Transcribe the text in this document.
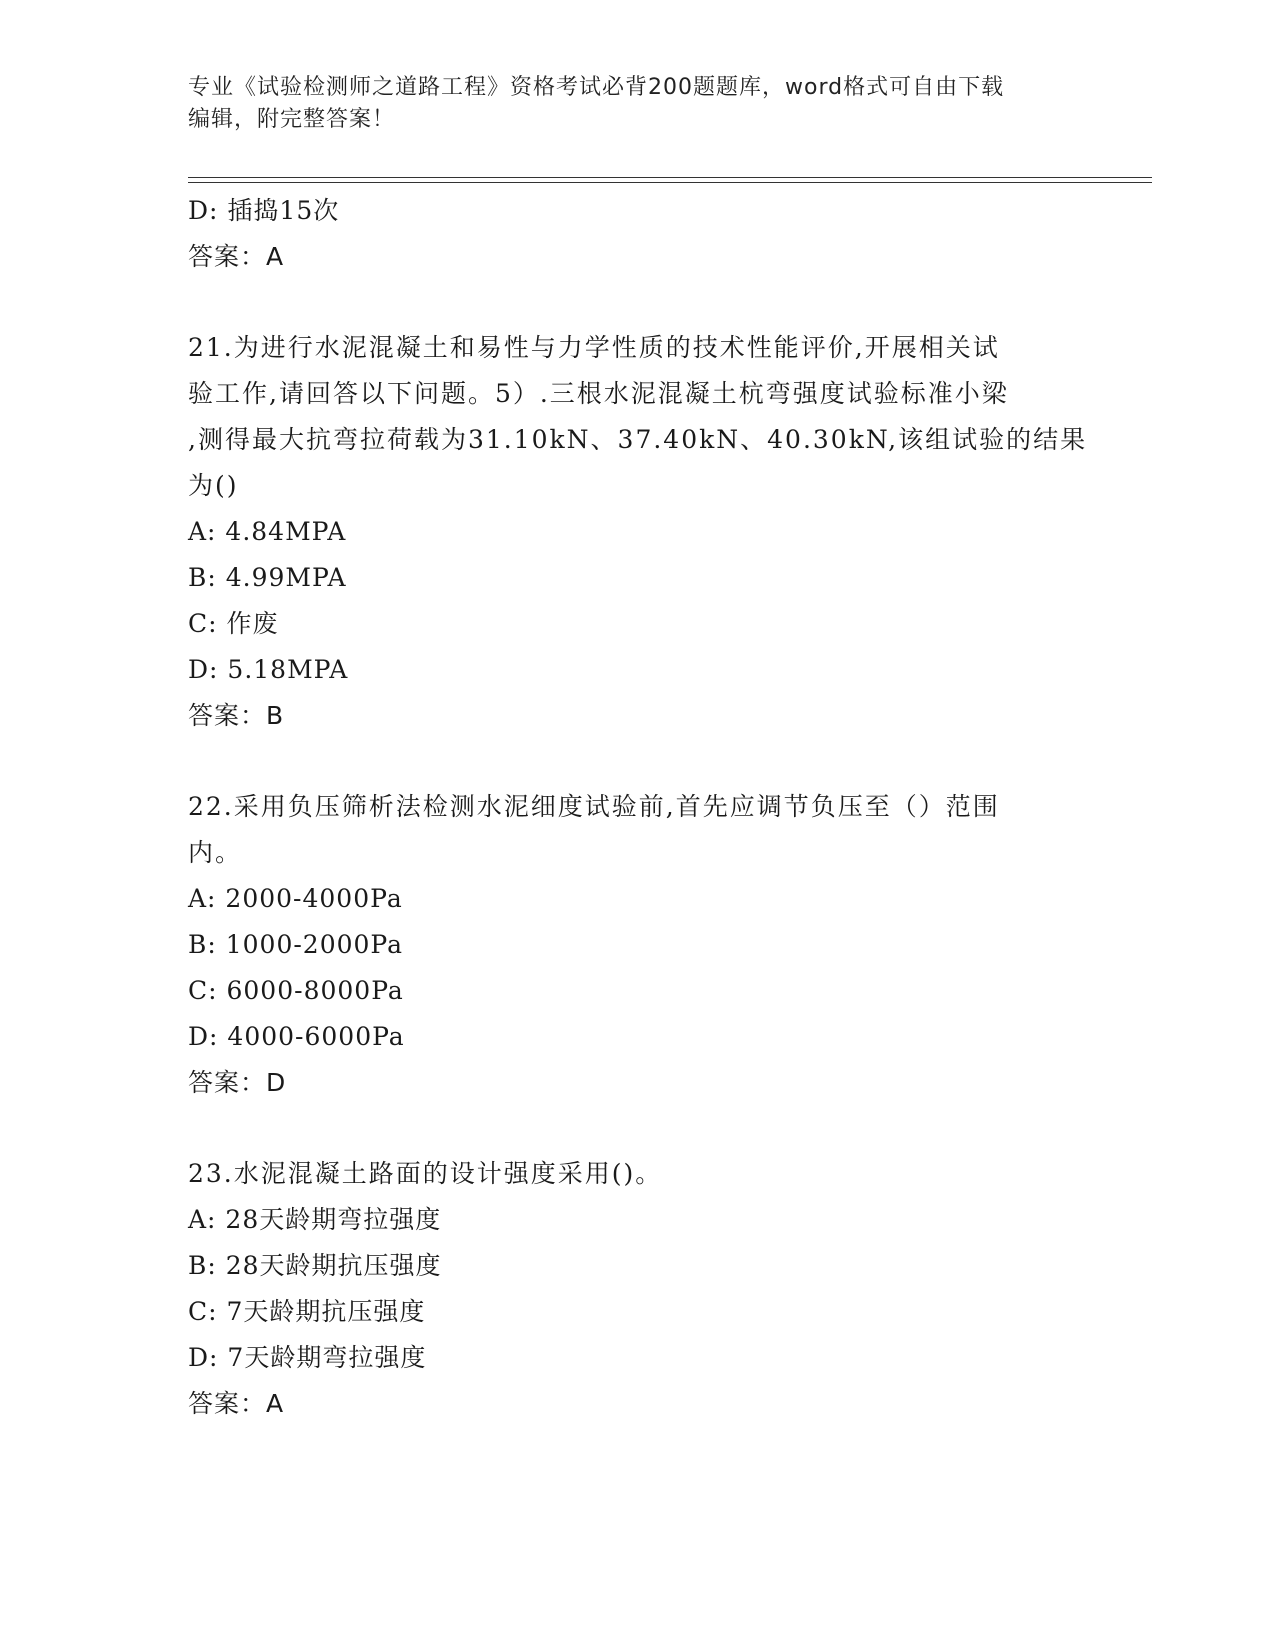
专业《试验检测师之道路工程》资格考试必背200题题库，word格式可自由下载
编辑，附完整答案！
D: 插捣15次
答案：A
21.为进行水泥混凝土和易性与力学性质的技术性能评价,开展相关试
验工作,请回答以下问题。5）.三根水泥混凝土杭弯强度试验标准小梁
,测得最大抗弯拉荷载为31.10kN、37.40kN、40.30kN,该组试验的结果
为()
A: 4.84MPA
B: 4.99MPA
C: 作废
D: 5.18MPA
答案：B
22.采用负压筛析法检测水泥细度试验前,首先应调节负压至（）范围
内。
A: 2000-4000Pa
B: 1000-2000Pa
C: 6000-8000Pa
D: 4000-6000Pa
答案：D
23.水泥混凝土路面的设计强度采用()。
A: 28天龄期弯拉强度
B: 28天龄期抗压强度
C: 7天龄期抗压强度
D: 7天龄期弯拉强度
答案：A
